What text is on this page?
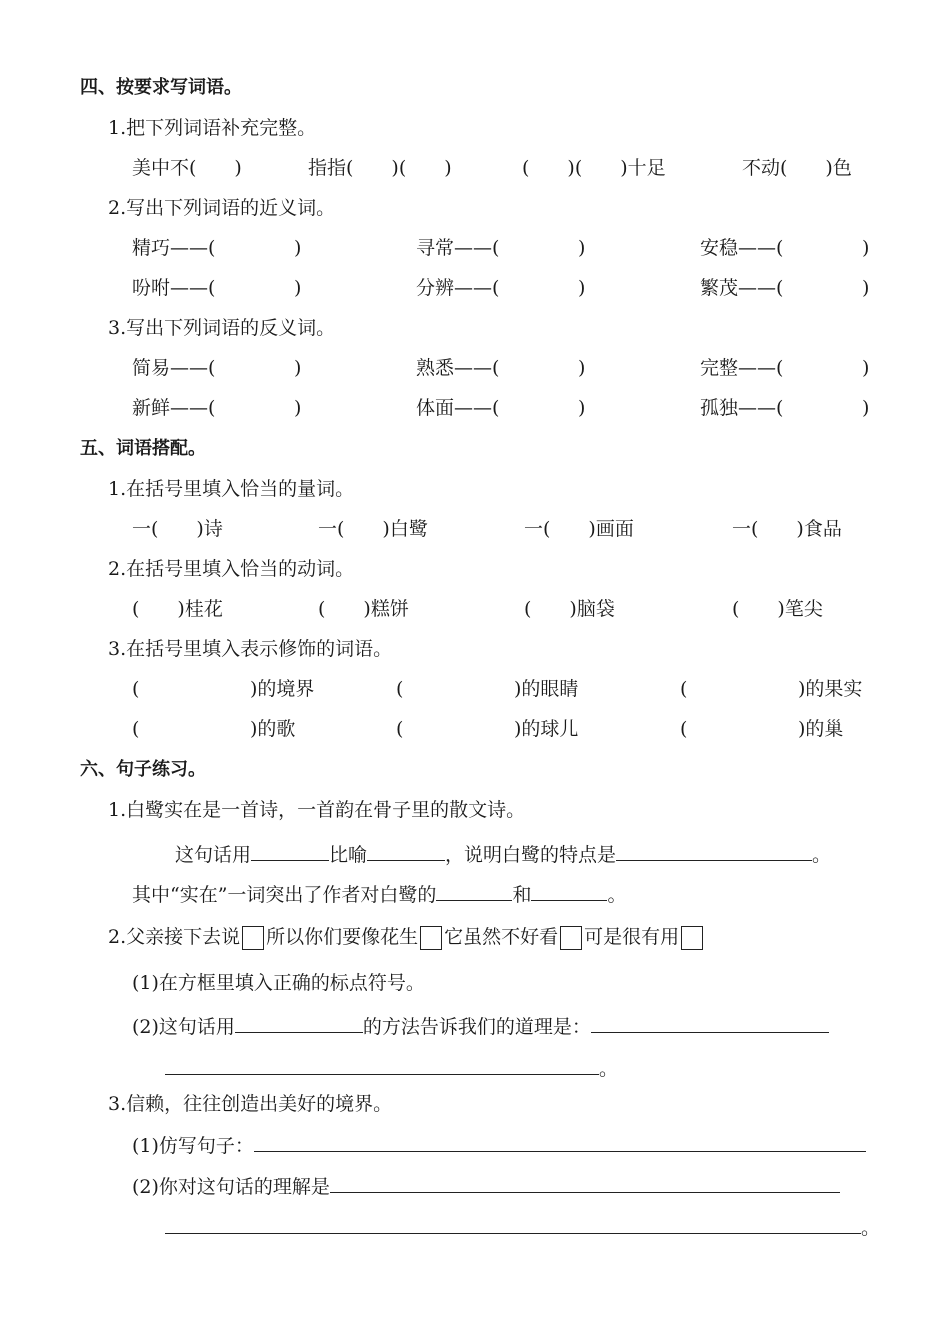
四、按要求写词语。
1.把下列词语补充完整。
美中不(　　)	指指(　　)(　　)	(　　)(　　)十足	不动(　　)色
2.写出下列词语的近义词。
精巧——(	)	寻常——(	)	安稳——(	)
吩咐——(	)	分辨——(	)	繁茂——(	)
3.写出下列词语的反义词。
简易——(	)	熟悉——(	)	完整——(	)
新鲜——(	)	体面——(	)	孤独——(	)
五、词语搭配。
1.在括号里填入恰当的量词。
一(　　)诗	一(　　)白鹭	一(　　)画面	一(　　)食品
2.在括号里填入恰当的动词。
(　　)桂花	(　　)糕饼	(　　)脑袋	(　　)笔尖
3.在括号里填入表示修饰的词语。
(	)的境界	(	)的眼睛	(	)的果实
(	)的歌	(	)的球儿	(	)的巢
六、句子练习。
1.白鹭实在是一首诗，一首韵在骨子里的散文诗。
这句话用	比喻	，说明白鹭的特点是	。
其中“实在”一词突出了作者对白鹭的	和	。
2.父亲接下去说 所以你们要像花生 它虽然不好看 可是很有用
(1)在方框里填入正确的标点符号。
(2)这句话用	的方法告诉我们的道理是：
。
3.信赖，往往创造出美好的境界。
(1)仿写句子：
(2)你对这句话的理解是
。
